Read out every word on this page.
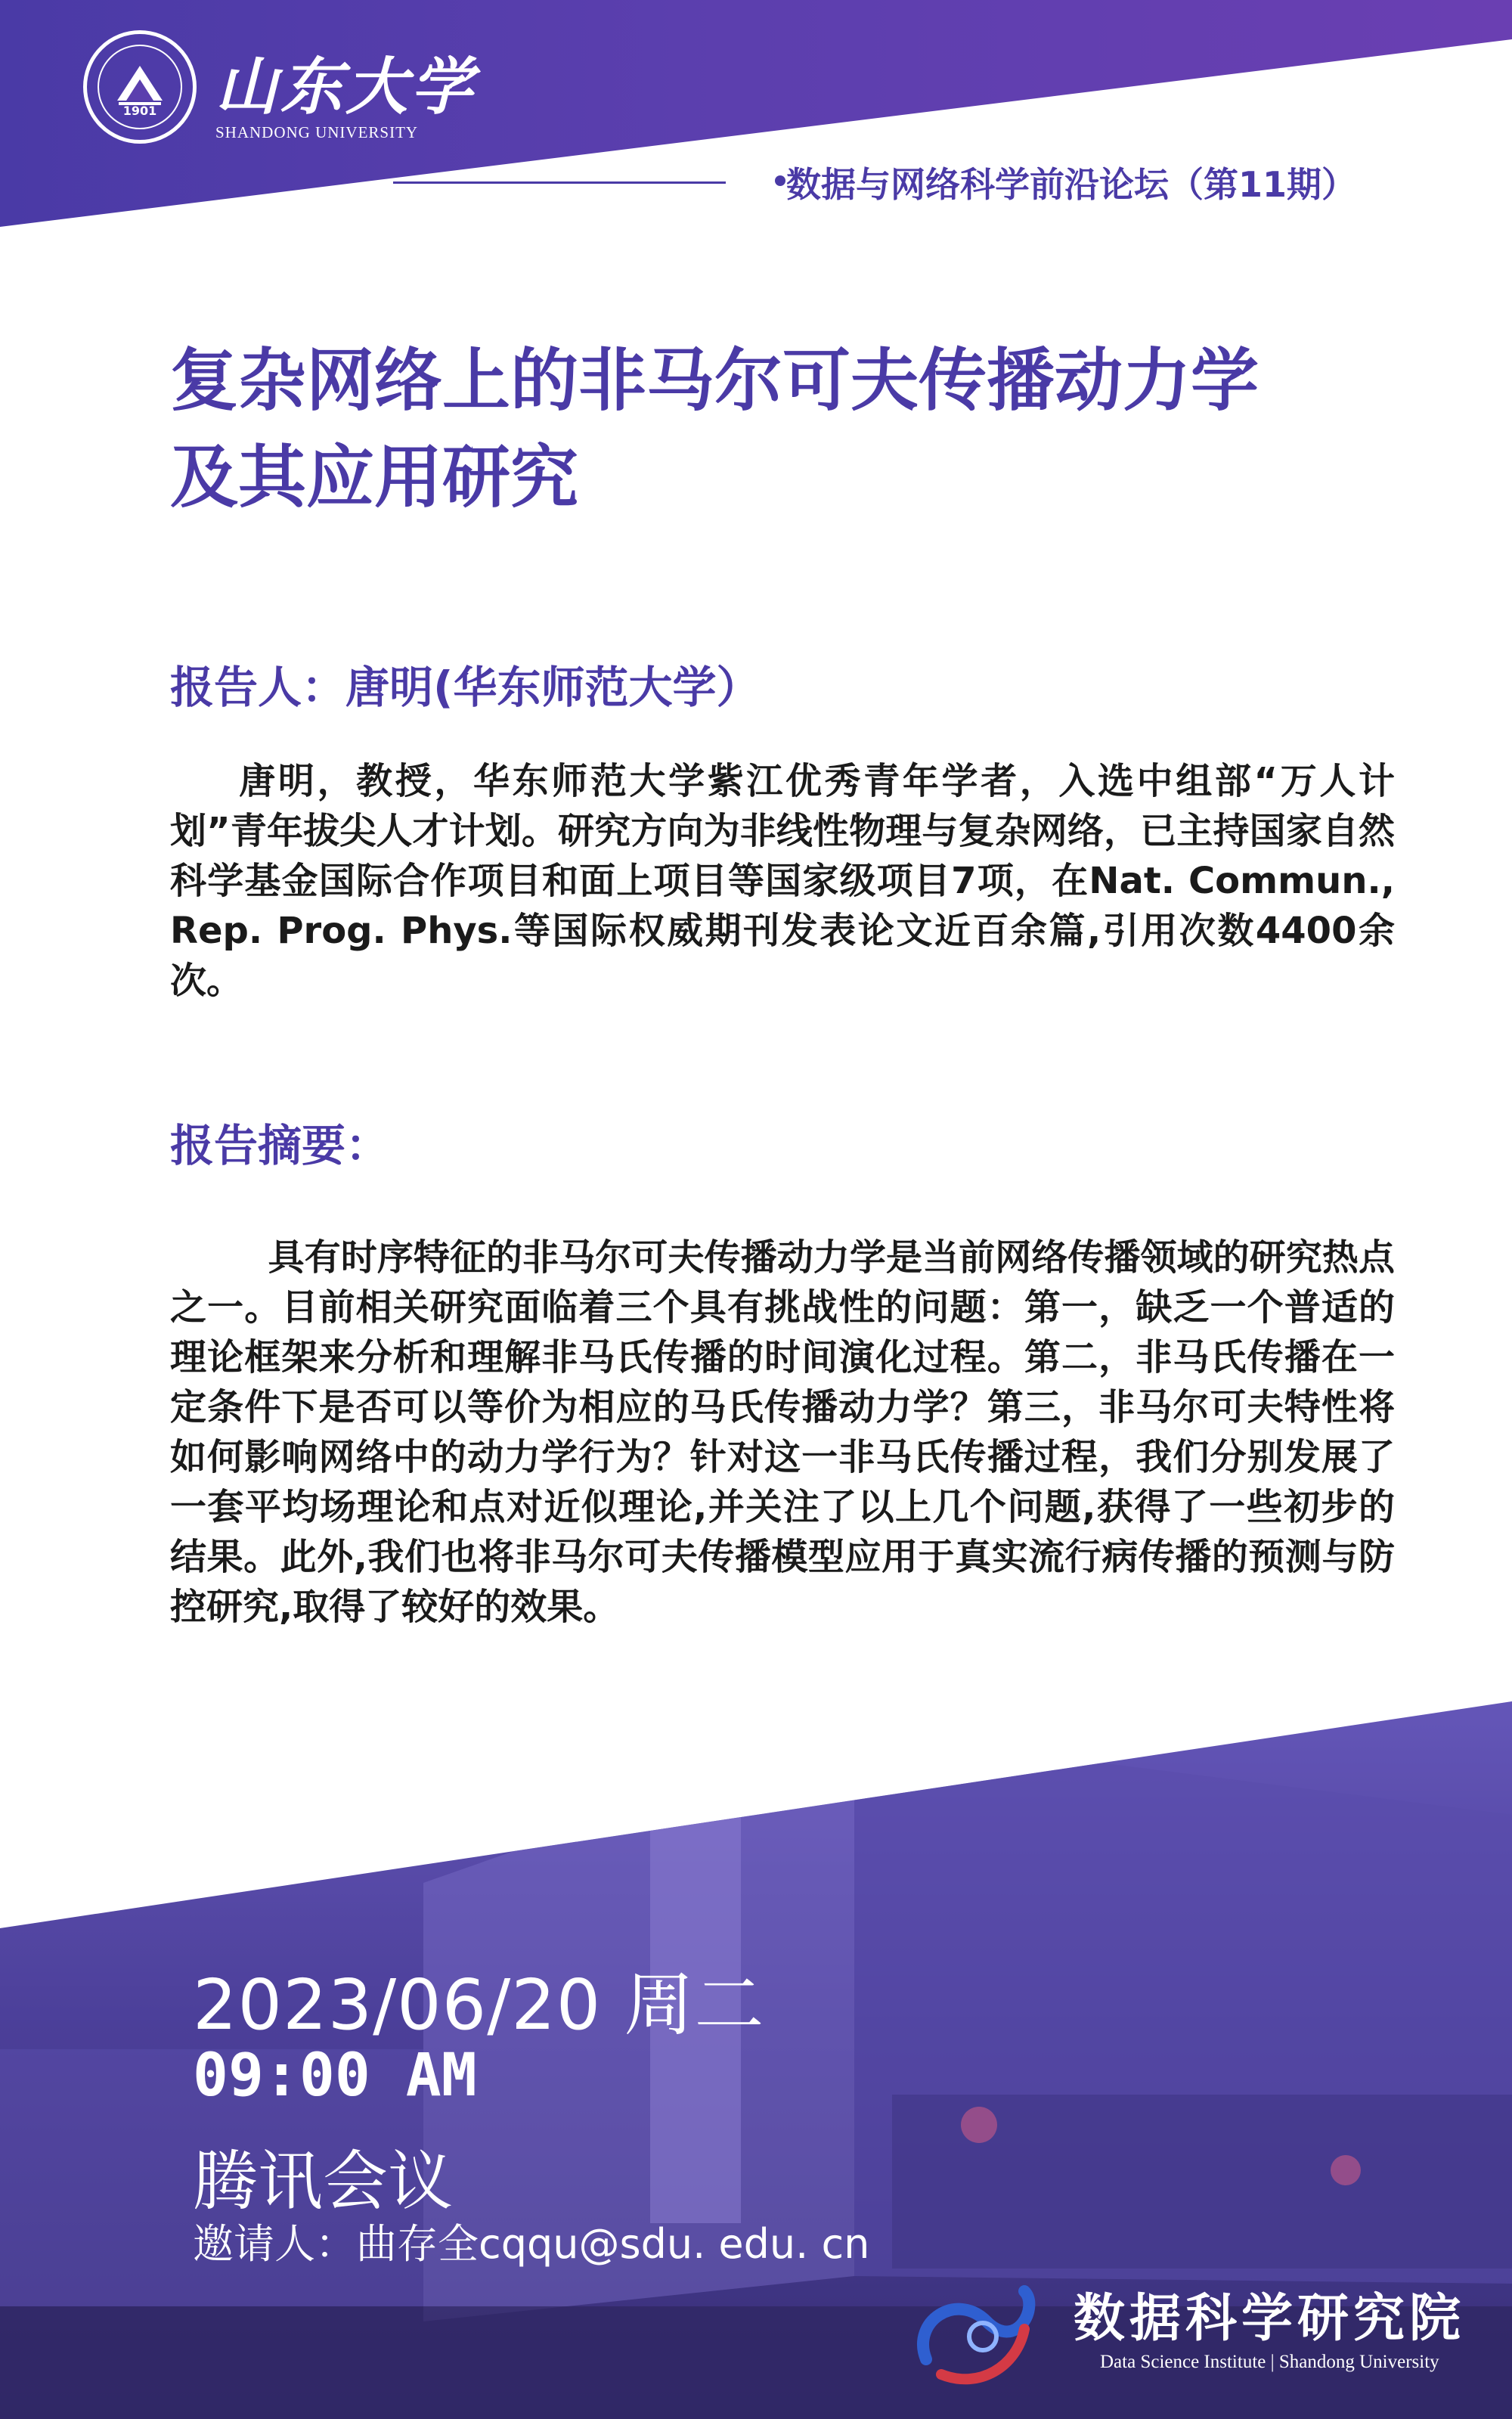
1901 山东大学
SHANDONG UNIVERSITY
数据与网络科学前沿论坛（第11期）
复杂网络上的非马尔可夫传播动力学
及其应用研究
报告人：唐明(华东师范大学）
唐明，教授，华东师范大学紫江优秀青年学者，入选中组部“万人计划”青年拔尖人才计划。研究方向为非线性物理与复杂网络，已主持国家自然科学基金国际合作项目和面上项目等国家级项目7项，在Nat. Commun., Rep. Prog. Phys.等国际权威期刊发表论文近百余篇,引用次数4400余次。
报告摘要：
具有时序特征的非马尔可夫传播动力学是当前网络传播领域的研究热点之一。目前相关研究面临着三个具有挑战性的问题：第一，缺乏一个普适的理论框架来分析和理解非马氏传播的时间演化过程。第二，非马氏传播在一定条件下是否可以等价为相应的马氏传播动力学？第三，非马尔可夫特性将如何影响网络中的动力学行为？针对这一非马氏传播过程，我们分别发展了一套平均场理论和点对近似理论,并关注了以上几个问题,获得了一些初步的结果。此外,我们也将非马尔可夫传播模型应用于真实流行病传播的预测与防控研究,取得了较好的效果。
2023/06/20 周二
09:00 AM
腾讯会议
邀请人：曲存全cqqu@sdu. edu. cn
数据科学研究院
Data Science Institute | Shandong University
